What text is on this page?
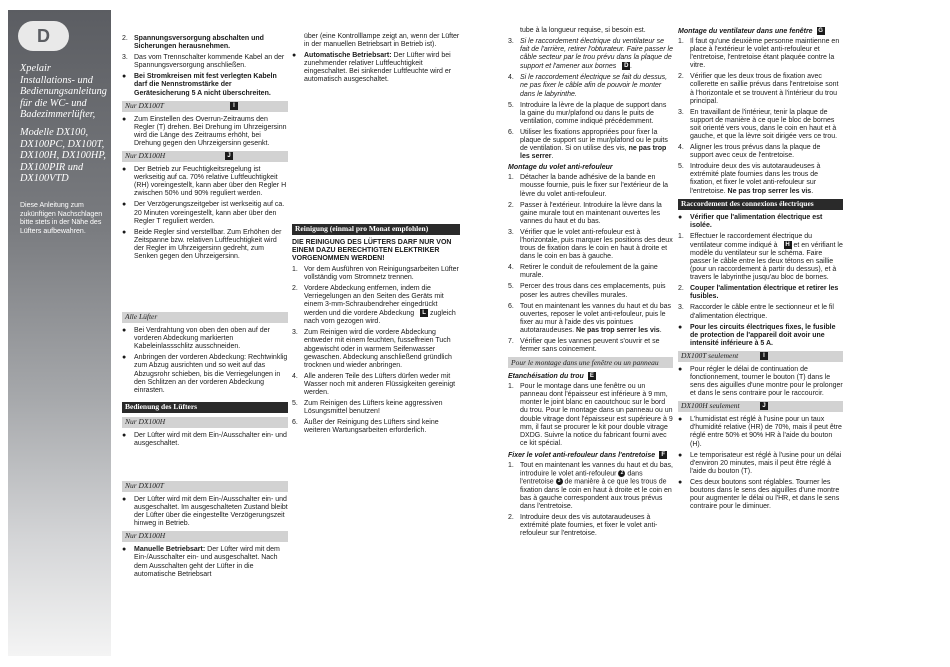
D

Xpelair

Installations- und

Bedienungsanleitung

für die WC- und

Badezimmerlüfter,

Modelle DX100,

DX100PC, DX100T,

DX100H, DX100HP,

DX100PIR und

DX100VTD

Diese Anleitung zum zukünftigen Nachschlagen bitte stets in der Nähe des Lüfters aufbewahren.
2. Spannungsversorgung abschalten und Sicherungen herausnehmen.
3. Das vom Trennschalter kommende Kabel an der Spannungsversorgung anschließen.
●	Bei Stromkreisen mit fest verlegten Kabeln darf die Nennstromstärke der Gerätesicherung 5 A nicht überschreiten.
Nur DX100T	I
●	Zum Einstellen des Overrun-Zeitraums den Regler (T) drehen. Bei Drehung im Uhrzeigersinn wird die Länge des Zeitraums erhöht, bei Drehung gegen den Uhrzeigersinn gesenkt.
Nur DX100H	J
●	Der Betrieb zur Feuchtigkeitsregelung ist werkseitig auf ca. 70% relative Luftfeuchtigkeit (RH) voreingestellt, kann aber über den Regler H zwischen 50% und 90% reguliert werden.
●	Der Verzögerungszeitgeber ist werkseitig auf ca. 20 Minuten voreingestellt, kann aber über den Regler T reguliert werden.
●	Beide Regler sind verstellbar. Zum Erhöhen der Zeitspanne bzw. relativen Luftfeuchtigkeit wird der Regler im Uhrzeigersinn gedreht, zum Senken gegen den Uhrzeigersinn.
Alle Lüfter
●	Bei Verdrahtung von oben den oben auf der vorderen Abdeckung markierten Kabeleinlassschlitz ausschneiden.
●	Anbringen der vorderen Abdeckung: Rechtwinklig zum Abzug ausrichten und so weit auf das Abzugsrohr schieben, bis die Verriegelungen in den Schlitzen an der vorderen Abdeckung einrasten.
Bedienung des Lüfters
Nur DX100H
●	Der Lüfter wird mit dem Ein-/Ausschalter ein- und ausgeschaltet.
Nur DX100T
●	Der Lüfter wird mit dem Ein-/Ausschalter ein- und ausgeschaltet. Im ausgeschalteten Zustand bleibt der Lüfter über die eingestellte Verzögerungszeit hinweg in Betrieb.
Nur DX100H
●	Manuelle Betriebsart: Der Lüfter wird mit dem Ein-/Ausschalter ein- und ausgeschaltet. Nach dem Ausschalten geht der Lüfter in die automatische Betriebsart
über (eine Kontrolllampe zeigt an, wenn der Lüfter in der manuellen Betriebsart in Betrieb ist).
●	Automatische Betriebsart: Der Lüfter wird bei zunehmender relativer Luftfeuchtigkeit eingeschaltet. Bei sinkender Luftfeuchte wird er automatisch ausgeschaltet.
Reinigung (einmal pro Monat empfohlen)
DIE REINIGUNG DES LÜFTERS DARF NUR VON EINEM DAZU BERECHTIGTEN ELEKTRIKER VORGENOMMEN WERDEN!
1. Vor dem Ausführen von Reinigungsarbeiten Lüfter vollständig vom Stromnetz trennen.
2. Vordere Abdeckung entfernen, indem die Verriegelungen an den Seiten des Geräts mit einem 3-mm-Schraubendreher eingedrückt werden und die vordere Abdeckung L zugleich nach vorn gezogen wird.
3. Zum Reinigen wird die vordere Abdeckung entweder mit einem feuchten, fusselfreien Tuch abgewischt oder in warmem Seifenwasser gewaschen. Abdeckung anschließend gründlich trocknen und wieder anbringen.
4. Alle anderen Teile des Lüfters dürfen weder mit Wasser noch mit anderen Flüssigkeiten gereinigt werden.
5. Zum Reinigen des Lüfters keine aggressiven Lösungsmittel benutzen!
6. Äußer der Reinigung des Lüfters sind keine weiteren Wartungsarbeiten erforderlich.
tube à la longueur requise, si besoin est.
3. Si le raccordement électrique du ventilateur se fait de l'arrière, retirer l'obturateur. Faire passer le câble secteur par le trou prévu dans la plaque de support et l'amener aux bornes D .
4. Si le raccordement électrique se fait du dessus, ne pas fixer le câble afin de pouvoir le monter dans le labyrinthe.
5. Introduire la lèvre de la plaque de support dans la gaine du mur/plafond ou dans le puits de ventilation, comme indiqué précédemment.
6. Utiliser les fixations appropriées pour fixer la plaque de support sur le mur/plafond ou le puits de ventilation. Si on utilise des vis, ne pas trop les serrer.
Montage du volet anti-refouleur
1. Détacher la bande adhésive de la bande en mousse fournie, puis le fixer sur l'extérieur de la lèvre du volet anti-refouleur.
2. Passer à l'extérieur. Introduire la lèvre dans la gaine murale tout en maintenant ouvertes les vannes du haut et du bas.
3. Vérifier que le volet anti-refouleur est à l'horizontale, puis marquer les positions des deux trous de fixation dans le coin en haut à droite et dans le coin en bas à gauche.
4. Retirer le conduit de refoulement de la gaine murale.
5. Percer des trous dans ces emplacements, puis poser les autres chevilles murales.
6. Tout en maintenant les vannes du haut et du bas ouvertes, reposer le volet anti-refouleur, puis le fixer au mur à l'aide des vis pointues autotaraudeuses. Ne pas trop serrer les vis.
7. Vérifier que les vannes peuvent s'ouvrir et se fermer sans coincement.
Pour le montage dans une fenêtre ou un panneau
Etanchéisation du trou E
1. Pour le montage dans une fenêtre ou un panneau dont l'épaisseur est inférieure à 9 mm, monter le joint blanc en caoutchouc sur le bord du trou. Pour le montage dans un panneau ou un double vitrage dont l'épaisseur est supérieure à 9 mm, il faut se procurer le kit pour double vitrage DXDG. Suivre la notice du fabricant fourni avec ce kit spécial.
Fixer le volet anti-refouleur dans l'entretoise F
1. Tout en maintenant les vannes du haut et du bas, introduire le volet anti-refouleur 2 dans l'entretoise 3 de manière à ce que les trous de fixation dans le coin en haut à droite et le coin en bas à gauche correspondent aux trous prévus dans l'entretoise.
2. Introduire deux des vis autotaraudeuses à extrémité plate fournies, et fixer le volet anti-refouleur sur l'entretoise.
Montage du ventilateur dans une fenêtre G
1. Il faut qu'une deuxième personne maintienne en place à l'extérieur le volet anti-refouleur et l'entretoise, l'entretoise étant plaquée contre la vitre.
2. Vérifier que les deux trous de fixation avec collerette en saillie prévus dans l'entretoise sont à l'horizontale et se trouvent à l'intérieur du trou principal.
3. En travaillant de l'intérieur, tenir la plaque de support de manière à ce que le bloc de bornes soit orienté vers vous, dans le coin en haut et à gauche, et que la lèvre soit dirigée vers ce trou.
4. Aligner les trous prévus dans la plaque de support avec ceux de l'entretoise.
5. Introduire deux des vis autotaraudeuses à extrémité plate fournies dans les trous de fixation, et fixer le volet anti-refouleur sur l'entretoise. Ne pas trop serrer les vis.
Raccordement des connexions électriques
●	Vérifier que l'alimentation électrique est isolée.
1. Effectuer le raccordement électrique du ventilateur comme indiqué à H et en vérifiant le modèle du ventilateur sur le schéma. Faire passer le câble entre les deux tétons en saillie (pour un raccordement à partir du dessus), et à travers le labyrinthe jusqu'au bloc de bornes.
2. Couper l'alimentation électrique et retirer les fusibles.
3. Raccorder le câble entre le sectionneur et le fil d'alimentation électrique.
●	Pour les circuits électriques fixes, le fusible de protection de l'appareil doit avoir une intensité inférieure à 5 A.
DX100T seulement	I
●	Pour régler le délai de continuation de fonctionnement, tourner le bouton (T) dans le sens des aiguilles d'une montre pour le prolonger et dans le sens contraire pour le raccourcir.
DX100H seulement	J
●	L'humidistat est réglé à l'usine pour un taux d'humidité relative (HR) de 70%, mais il peut être réglé entre 50% et 90% HR à l'aide du bouton (H).
●	Le temporisateur est réglé à l'usine pour un délai d'environ 20 minutes, mais il peut être réglé à l'aide du bouton (T).
●	Ces deux boutons sont réglables. Tourner les boutons dans le sens des aiguilles d'une montre pour augmenter le délai ou l'HR, et dans le sens contraire pour le diminuer.
